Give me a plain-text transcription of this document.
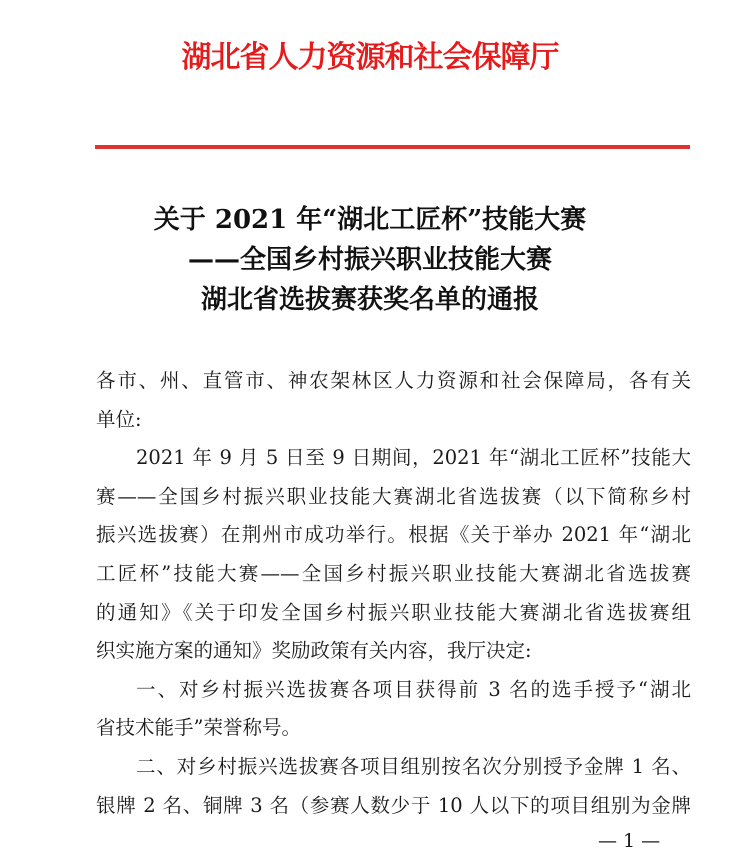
湖北省人力资源和社会保障厅
关于 2021 年“湖北工匠杯”技能大赛
——全国乡村振兴职业技能大赛
湖北省选拔赛获奖名单的通报
各市、州、直管市、神农架林区人力资源和社会保障局，各有关
单位:
2021 年 9 月 5 日至 9 日期间，2021 年“湖北工匠杯”技能大
赛——全国乡村振兴职业技能大赛湖北省选拔赛（以下简称乡村
振兴选拔赛）在荆州市成功举行。根据《关于举办 2021 年“湖北
工匠杯”技能大赛——全国乡村振兴职业技能大赛湖北省选拔赛
的通知》《关于印发全国乡村振兴职业技能大赛湖北省选拔赛组
织实施方案的通知》奖励政策有关内容，我厅决定:
一、对乡村振兴选拔赛各项目获得前 3 名的选手授予“湖北
省技术能手”荣誉称号。
二、对乡村振兴选拔赛各项目组别按名次分别授予金牌 1 名、
银牌 2 名、铜牌 3 名（参赛人数少于 10 人以下的项目组别为金牌
— 1 —
